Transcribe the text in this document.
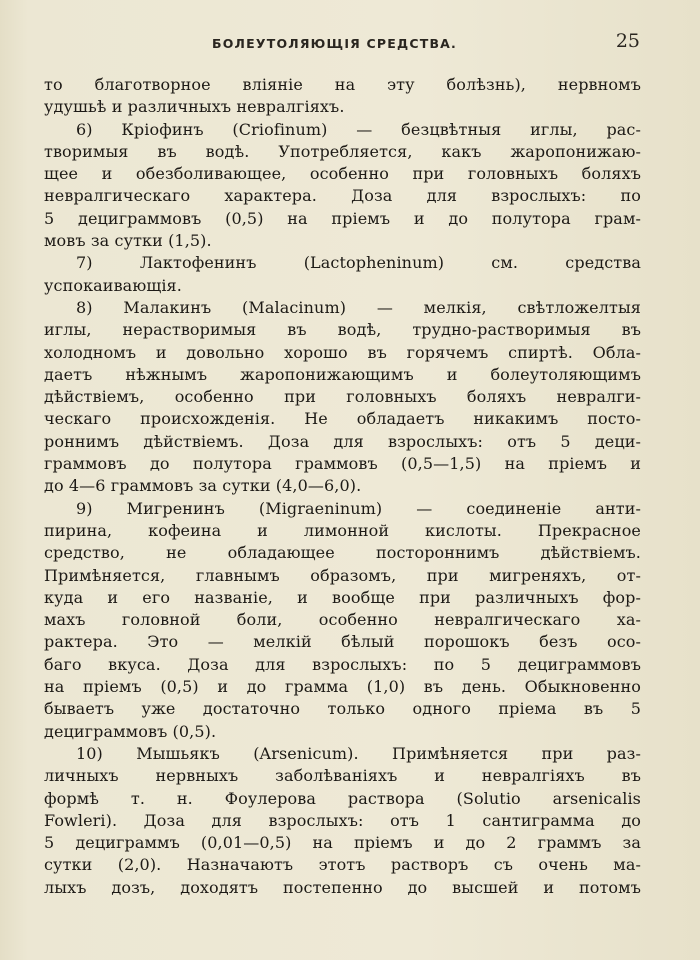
БОЛЕУТОЛЯЮЩІЯ СРЕДСТВА.	25
то благотворное вліяніе на эту болѣзнь), нервномъ
удушьѣ и различныхъ невралгіяхъ.
6) Кріофинъ (Criofinum) — безцвѣтныя иглы, рас-
творимыя въ водѣ. Употребляется, какъ жаропонижаю-
щее и обезболивающее, особенно при головныхъ боляхъ
невралгическаго характера. Доза для взрослыхъ: по
5 дециграммовъ (0,5) на пріемъ и до полутора грам-
мовъ за сутки (1,5).
7) Лактофенинъ (Lactopheninum) см. средства
успокаивающія.
8) Малакинъ (Malacinum) — мелкія, свѣтложелтыя
иглы, нерастворимыя въ водѣ, трудно-растворимыя въ
холодномъ и довольно хорошо въ горячемъ спиртѣ. Обла-
даетъ нѣжнымъ жаропонижающимъ и болеутоляющимъ
дѣйствіемъ, особенно при головныхъ боляхъ невралги-
ческаго происхожденія. Не обладаетъ никакимъ посто-
роннимъ дѣйствіемъ. Доза для взрослыхъ: отъ 5 деци-
граммовъ до полутора граммовъ (0,5—1,5) на пріемъ и
до 4—6 граммовъ за сутки (4,0—6,0).
9) Мигренинъ (Migraeninum) — соединеніе анти-
пирина, кофеина и лимонной кислоты. Прекрасное
средство, не обладающее постороннимъ дѣйствіемъ.
Примѣняется, главнымъ образомъ, при мигреняхъ, от-
куда и его названіе, и вообще при различныхъ фор-
махъ головной боли, особенно невралгическаго ха-
рактера. Это — мелкій бѣлый порошокъ безъ осо-
баго вкуса. Доза для взрослыхъ: по 5 дециграммовъ
на пріемъ (0,5) и до грамма (1,0) въ день. Обыкновенно
бываетъ уже достаточно только одного пріема въ 5
дециграммовъ (0,5).
10) Мышьякъ (Arsenicum). Примѣняется при раз-
личныхъ нервныхъ заболѣваніяхъ и невралгіяхъ въ
формѣ т. н. Фоулерова раствора (Solutio arsenicalis
Fowleri). Доза для взрослыхъ: отъ 1 сантиграмма до
5 дециграммъ (0,01—0,5) на пріемъ и до 2 граммъ за
сутки (2,0). Назначаютъ этотъ растворъ съ очень ма-
лыхъ дозъ, доходятъ постепенно до высшей и потомъ
